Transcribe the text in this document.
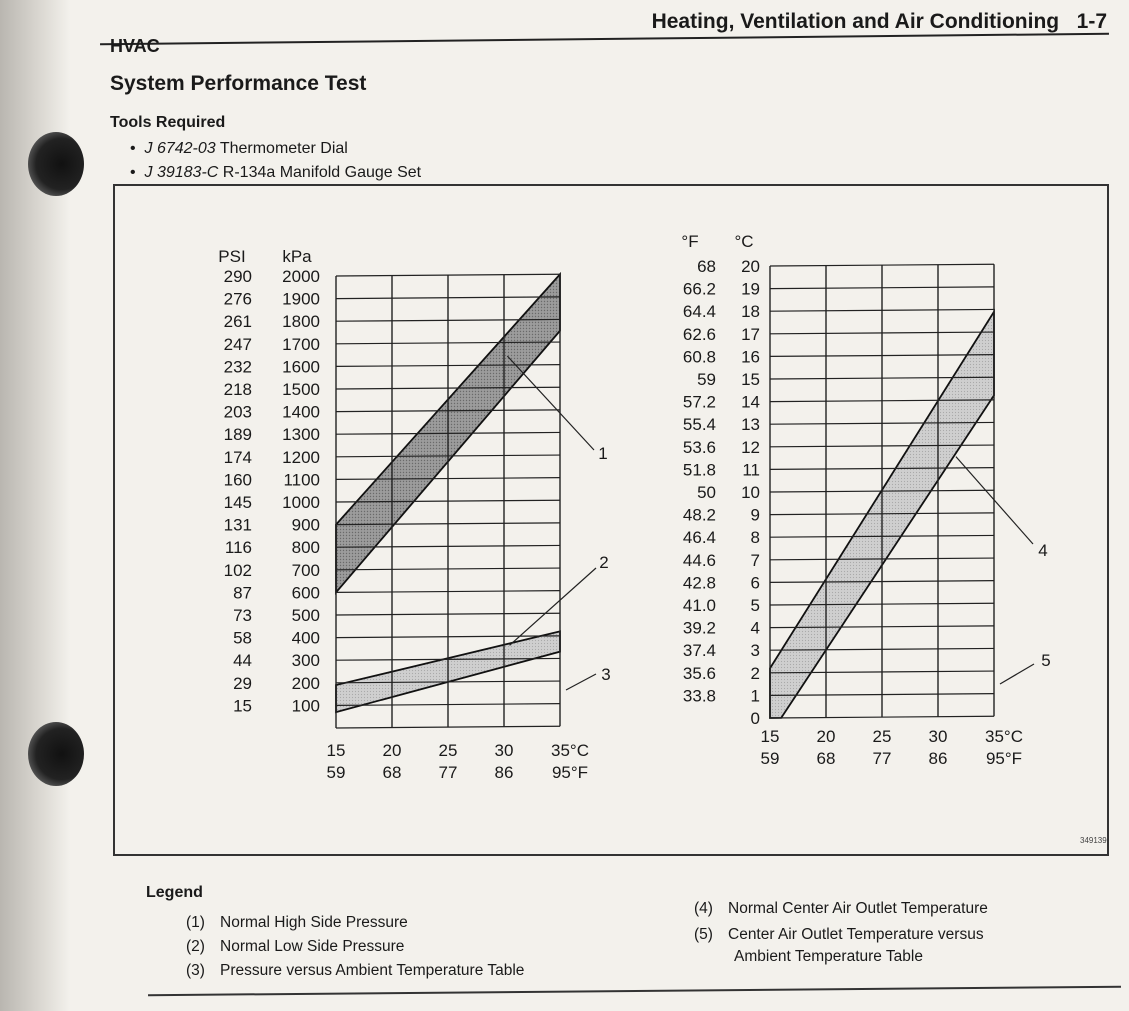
Heating, Ventilation and Air Conditioning 1-7
HVAC
System Performance Test
Tools Required
•  J 6742-03 Thermometer Dial
•  J 39183-C R-134a Manifold Gauge Set
PSI kPa
290 2000
276 1900
261 1800
247 1700
232 1600
218 1500
203 1400
189 1300
174 1200
160 1100
145 1000
131 900
116 800
102 700
87 600
73 500
58 400
44 300
29 200
15 100
15
59
20
68
25
77
30
86
35°C
95°F
1
2
3
°F °C
20
68
19
66.2
18
64.4
17
62.6
16
60.8
15
59
14
57.2
13
55.4
12
53.6
11
51.8
10
50
9
48.2
8
46.4
7
44.6
6
42.8
5
41.0
4
39.2
3
37.4
2
35.6
1
33.8
0
15
59
20
68
25
77
30
86
35°C
95°F
4
5
349139
Legend
(1) Normal High Side Pressure
(2) Normal Low Side Pressure
(3) Pressure versus Ambient Temperature Table
(4) Normal Center Air Outlet Temperature
(5) Center Air Outlet Temperature versus
Ambient Temperature Table
